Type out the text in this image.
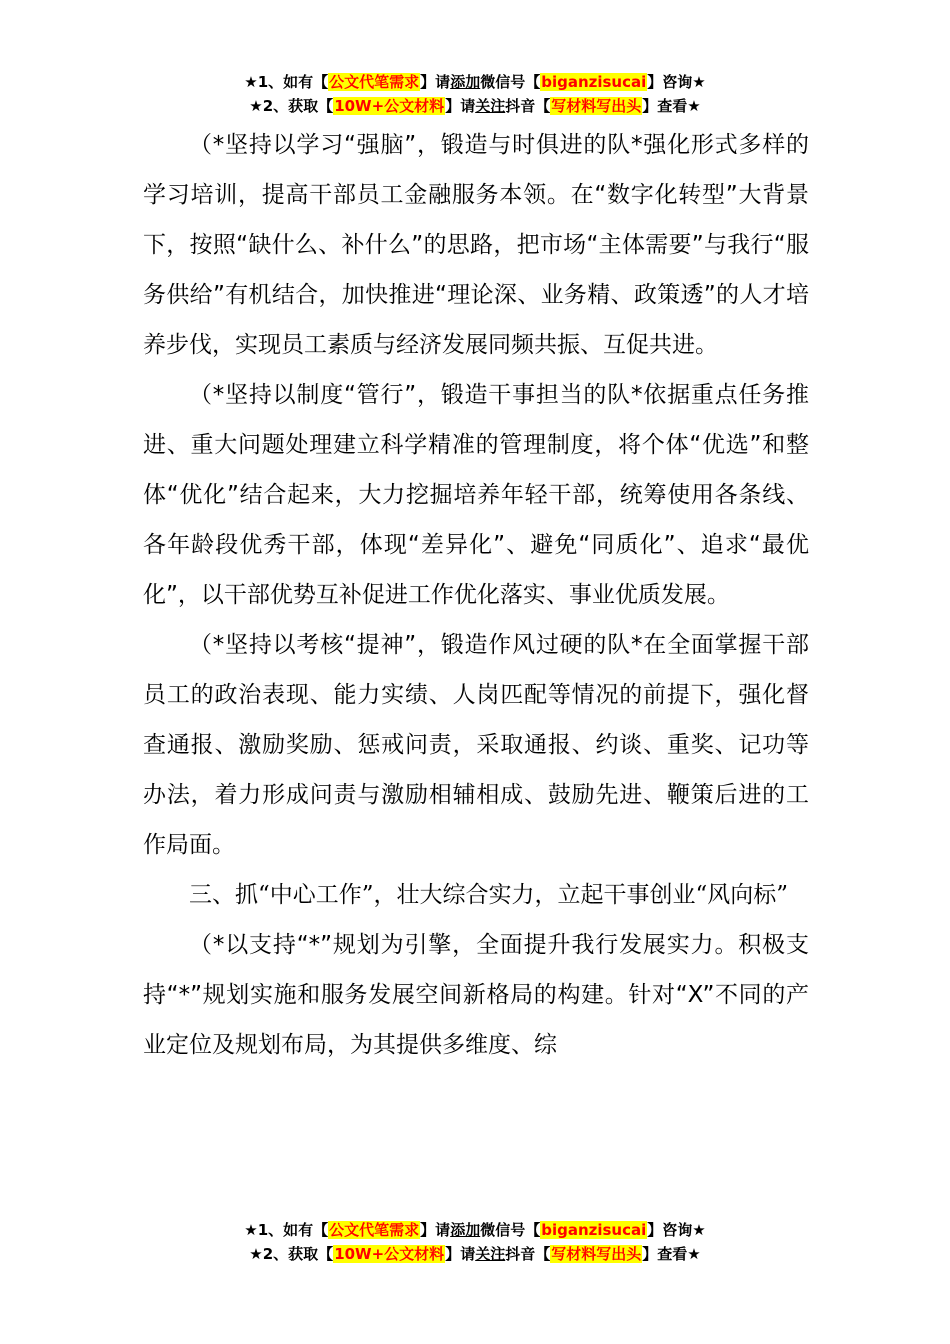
★1、如有【公文代笔需求】请添加微信号【biganzisucai】咨询★
★2、获取【10W+公文材料】请关注抖音【写材料写出头】查看★

（*坚持以学习“强脑”，锻造与时俱进的队*强化形式多样的学习培训，提高干部员工金融服务本领。在“数字化转型”大背景下，按照“缺什么、补什么”的思路，把市场“主体需要”与我行“服务供给”有机结合，加快推进“理论深、业务精、政策透”的人才培养步伐，实现员工素质与经济发展同频共振、互促共进。

（*坚持以制度“管行”，锻造干事担当的队*依据重点任务推进、重大问题处理建立科学精准的管理制度，将个体“优选”和整体“优化”结合起来，大力挖掘培养年轻干部，统筹使用各条线、各年龄段优秀干部，体现“差异化”、避免“同质化”、追求“最优化”，以干部优势互补促进工作优化落实、事业优质发展。

（*坚持以考核“提神”，锻造作风过硬的队*在全面掌握干部员工的政治表现、能力实绩、人岗匹配等情况的前提下，强化督查通报、激励奖励、惩戒问责，采取通报、约谈、重奖、记功等办法，着力形成问责与激励相辅相成、鼓励先进、鞭策后进的工作局面。

三、抓“中心工作”，壮大综合实力，立起干事创业“风向标”

（*以支持“*”规划为引擎，全面提升我行发展实力。积极支持“*”规划实施和服务发展空间新格局的构建。针对“X”不同的产业定位及规划布局，为其提供多维度、综

★1、如有【公文代笔需求】请添加微信号【biganzisucai】咨询★
★2、获取【10W+公文材料】请关注抖音【写材料写出头】查看★
